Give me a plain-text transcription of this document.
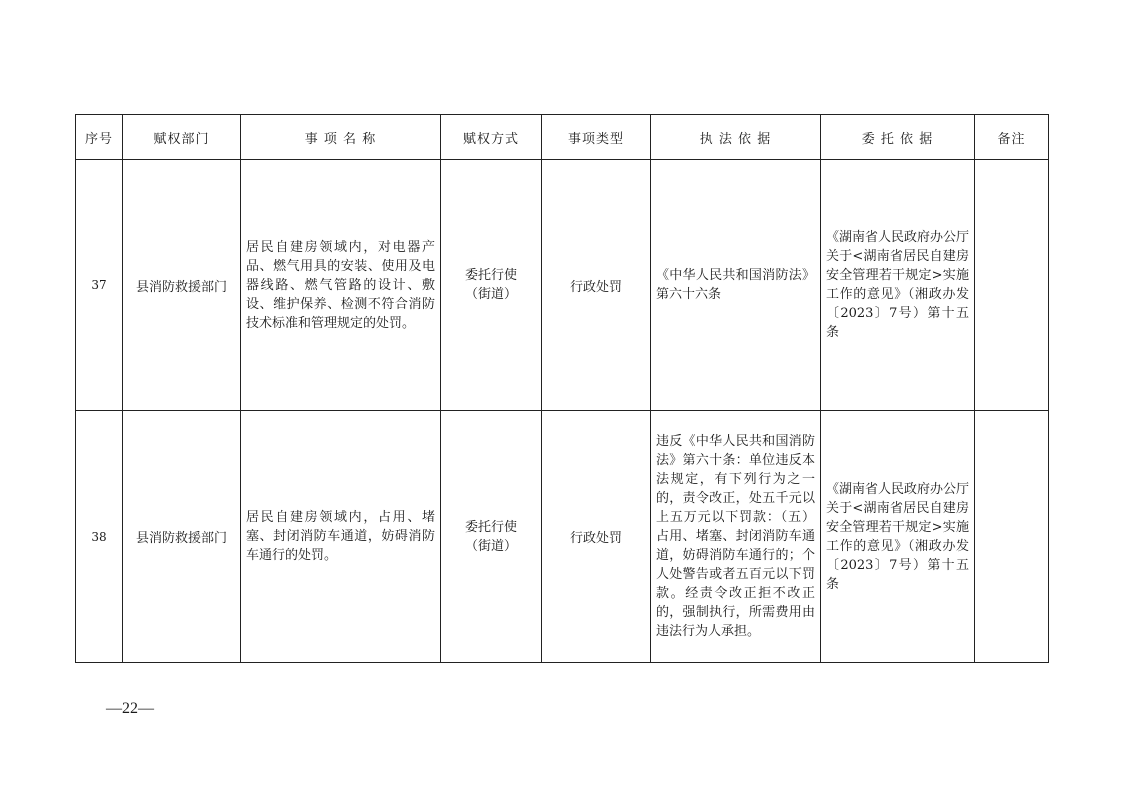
序号	赋权部门	事 项 名 称	赋权方式	事项类型	执 法 依 据	委 托 依 据	备注
37	县消防救援部门	居民自建房领域内，对电器产品、燃气用具的安装、使用及电器线路、燃气管路的设计、敷设、维护保养、检测不符合消防技术标准和管理规定的处罚。	委托行使（街道）	行政处罚	《中华人民共和国消防法》第六十六条	《湖南省人民政府办公厅关于<湖南省居民自建房安全管理若干规定>实施工作的意见》（湘政办发〔2023〕7号）第十五条	
38	县消防救援部门	居民自建房领域内，占用、堵塞、封闭消防车通道，妨碍消防车通行的处罚。	委托行使（街道）	行政处罚	违反《中华人民共和国消防法》第六十条：单位违反本法规定，有下列行为之一的，责令改正，处五千元以上五万元以下罚款：（五）占用、堵塞、封闭消防车通道，妨碍消防车通行的；个人处警告或者五百元以下罚款。经责令改正拒不改正的，强制执行，所需费用由违法行为人承担。	《湖南省人民政府办公厅关于<湖南省居民自建房安全管理若干规定>实施工作的意见》（湘政办发〔2023〕7号）第十五条	
—22—
